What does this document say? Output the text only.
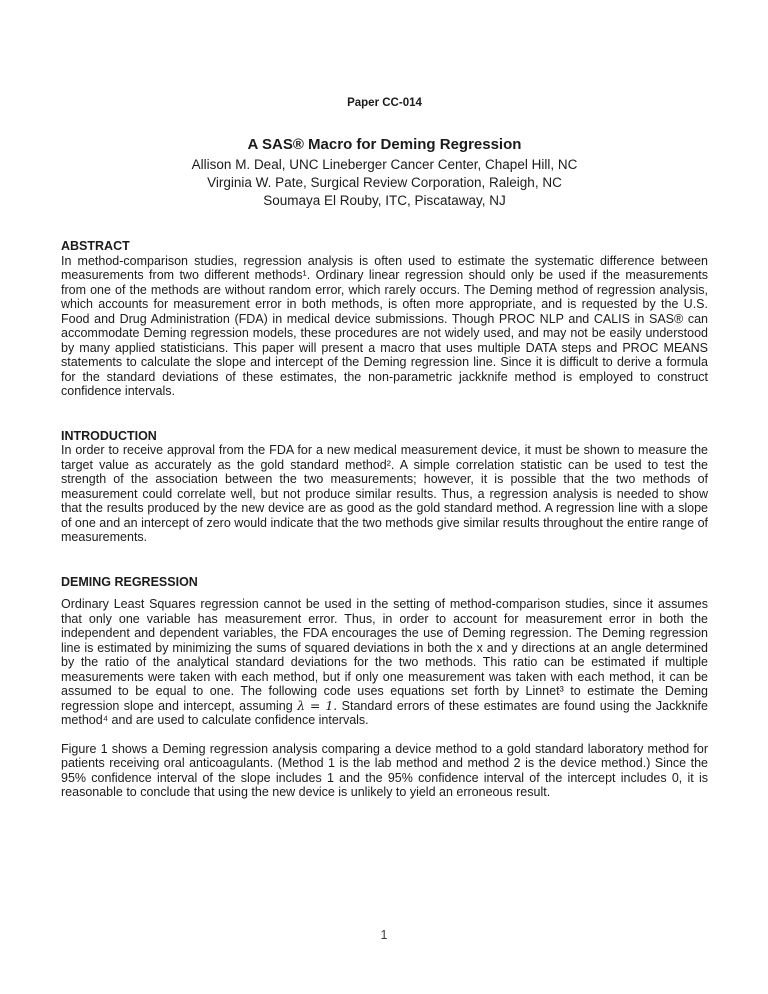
Paper CC-014
A SAS® Macro for Deming Regression
Allison M. Deal, UNC Lineberger Cancer Center, Chapel Hill, NC
Virginia W. Pate, Surgical Review Corporation, Raleigh, NC
Soumaya El Rouby, ITC, Piscataway, NJ
ABSTRACT

In method-comparison studies, regression analysis is often used to estimate the systematic difference between measurements from two different methods¹. Ordinary linear regression should only be used if the measurements from one of the methods are without random error, which rarely occurs. The Deming method of regression analysis, which accounts for measurement error in both methods, is often more appropriate, and is requested by the U.S. Food and Drug Administration (FDA) in medical device submissions. Though PROC NLP and CALIS in SAS® can accommodate Deming regression models, these procedures are not widely used, and may not be easily understood by many applied statisticians. This paper will present a macro that uses multiple DATA steps and PROC MEANS statements to calculate the slope and intercept of the Deming regression line. Since it is difficult to derive a formula for the standard deviations of these estimates, the non-parametric jackknife method is employed to construct confidence intervals.

INTRODUCTION

In order to receive approval from the FDA for a new medical measurement device, it must be shown to measure the target value as accurately as the gold standard method². A simple correlation statistic can be used to test the strength of the association between the two measurements; however, it is possible that the two methods of measurement could correlate well, but not produce similar results. Thus, a regression analysis is needed to show that the results produced by the new device are as good as the gold standard method. A regression line with a slope of one and an intercept of zero would indicate that the two methods give similar results throughout the entire range of measurements.

DEMING REGRESSION

Ordinary Least Squares regression cannot be used in the setting of method-comparison studies, since it assumes that only one variable has measurement error. Thus, in order to account for measurement error in both the independent and dependent variables, the FDA encourages the use of Deming regression. The Deming regression line is estimated by minimizing the sums of squared deviations in both the x and y directions at an angle determined by the ratio of the analytical standard deviations for the two methods. This ratio can be estimated if multiple measurements were taken with each method, but if only one measurement was taken with each method, it can be assumed to be equal to one. The following code uses equations set forth by Linnet³ to estimate the Deming regression slope and intercept, assuming λ = 1. Standard errors of these estimates are found using the Jackknife method⁴ and are used to calculate confidence intervals.

Figure 1 shows a Deming regression analysis comparing a device method to a gold standard laboratory method for patients receiving oral anticoagulants. (Method 1 is the lab method and method 2 is the device method.) Since the 95% confidence interval of the slope includes 1 and the 95% confidence interval of the intercept includes 0, it is reasonable to conclude that using the new device is unlikely to yield an erroneous result.

1
